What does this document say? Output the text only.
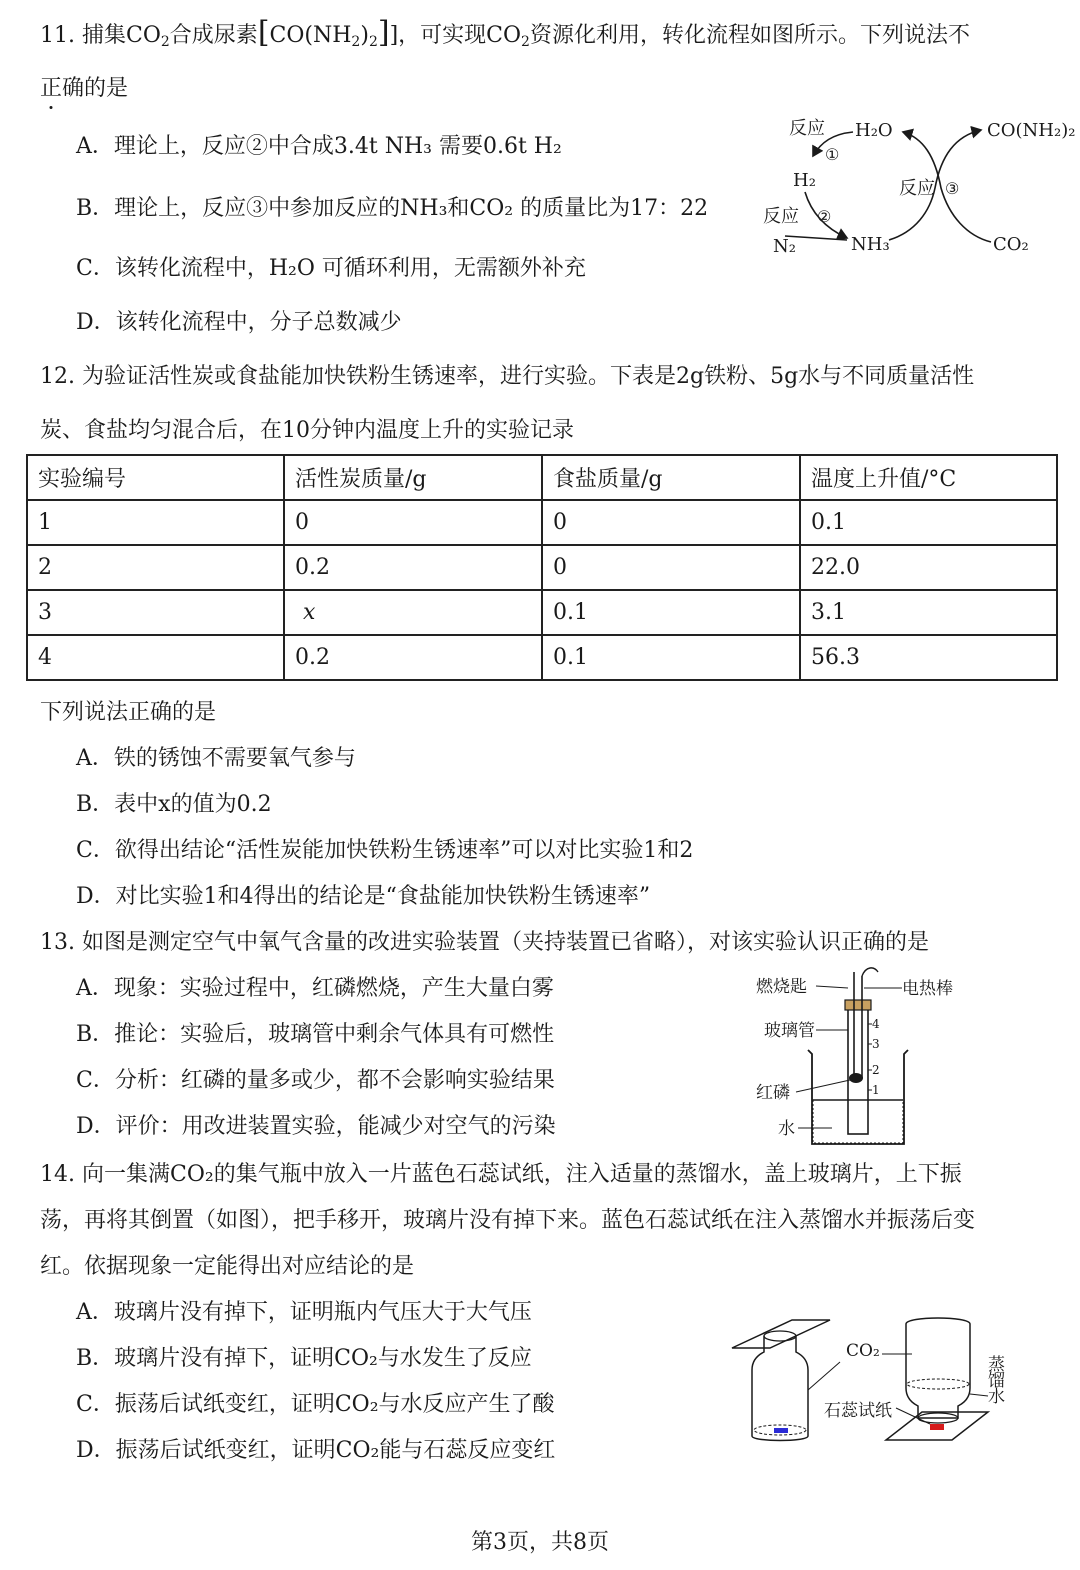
11. 捕集$CO_2$合成尿素$[CO(NH_2)_2]$]，可实现$CO_2$资源化利用，转化流程如图所示。下列说法不
正确的是
A．理论上，反应②中合成3.4t NH₃ 需要0.6t H₂
B．理论上，反应③中参加反应的NH₃和CO₂ 的质量比为17：22
C．该转化流程中，H₂O 可循环利用，无需额外补充
D．该转化流程中，分子总数减少
反应 H₂O	CO(NH₂)₂
①
H₂	反应 ③
反应 ②
N₂	NH₃	CO₂
12. 为验证活性炭或食盐能加快铁粉生锈速率，进行实验。下表是2g铁粉、5g水与不同质量活性
炭、食盐均匀混合后，在10分钟内温度上升的实验记录
实验编号	活性炭质量/g	食盐质量/g	温度上升值/°C
1	0	0	0.1
2	0.2	0	22.0
3	x	0.1	3.1
4	0.2	0.1	56.3
下列说法正确的是
A．铁的锈蚀不需要氧气参与
B．表中x的值为0.2
C．欲得出结论“活性炭能加快铁粉生锈速率”可以对比实验1和2
D．对比实验1和4得出的结论是“食盐能加快铁粉生锈速率”
13. 如图是测定空气中氧气含量的改进实验装置（夹持装置已省略），对该实验认识正确的是
A．现象：实验过程中，红磷燃烧，产生大量白雾
B．推论：实验后，玻璃管中剩余气体具有可燃性
C．分析：红磷的量多或少，都不会影响实验结果
D．评价：用改进装置实验，能减少对空气的污染
燃烧匙	电热棒
玻璃管
红磷
水
4
3
2
1
14. 向一集满CO₂的集气瓶中放入一片蓝色石蕊试纸，注入适量的蒸馏水，盖上玻璃片，上下振
荡，再将其倒置（如图），把手移开，玻璃片没有掉下来。蓝色石蕊试纸在注入蒸馏水并振荡后变
红。依据现象一定能得出对应结论的是
A．玻璃片没有掉下，证明瓶内气压大于大气压
B．玻璃片没有掉下，证明CO₂与水发生了反应
C．振荡后试纸变红，证明CO₂与水反应产生了酸
D．振荡后试纸变红，证明CO₂能与石蕊反应变红
CO₂
石蕊试纸
蒸
馏
水
第3页，共8页
